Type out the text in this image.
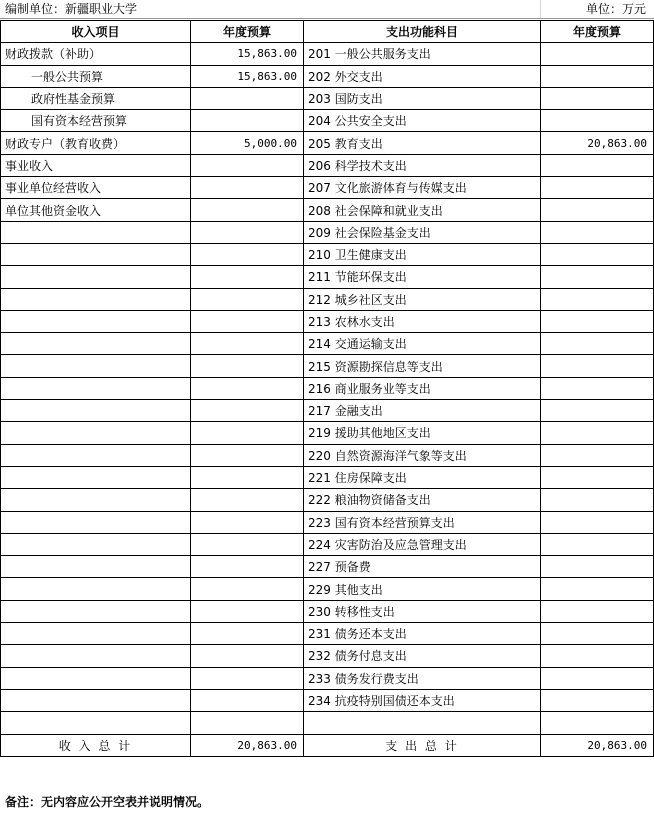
编制单位：新疆职业大学	单位：万元
收入项目	年度预算	支出功能科目	年度预算
财政拨款（补助）	15,863.00	201 一般公共服务支出	
一般公共预算	15,863.00	202 外交支出	
政府性基金预算		203 国防支出	
国有资本经营预算		204 公共安全支出	
财政专户（教育收费）	5,000.00	205 教育支出	20,863.00
事业收入		206 科学技术支出	
事业单位经营收入		207 文化旅游体育与传媒支出	
单位其他资金收入		208 社会保障和就业支出	
		209 社会保险基金支出	
		210 卫生健康支出	
		211 节能环保支出	
		212 城乡社区支出	
		213 农林水支出	
		214 交通运输支出	
		215 资源勘探信息等支出	
		216 商业服务业等支出	
		217 金融支出	
		219 援助其他地区支出	
		220 自然资源海洋气象等支出	
		221 住房保障支出	
		222 粮油物资储备支出	
		223 国有资本经营预算支出	
		224 灾害防治及应急管理支出	
		227 预备费	
		229 其他支出	
		230 转移性支出	
		231 债务还本支出	
		232 债务付息支出	
		233 债务发行费支出	
		234 抗疫特别国债还本支出	

收 入 总 计	20,863.00	支 出 总 计	20,863.00
备注：无内容应公开空表并说明情况。
